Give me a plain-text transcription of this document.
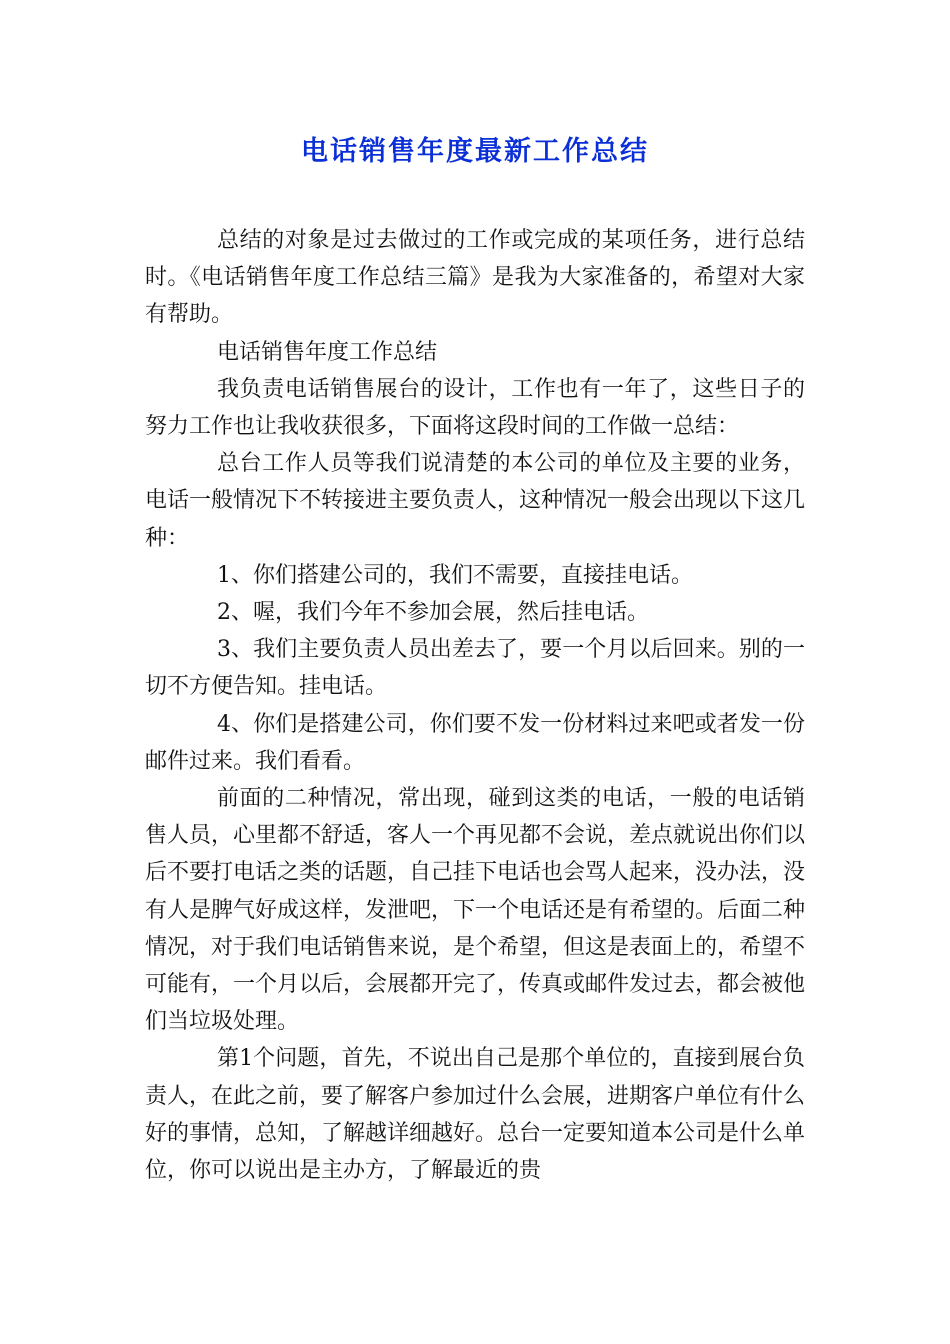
电话销售年度最新工作总结

总结的对象是过去做过的工作或完成的某项任务，进行总结时。《电话销售年度工作总结三篇》是我为大家准备的，希望对大家有帮助。

电话销售年度工作总结

我负责电话销售展台的设计，工作也有一年了，这些日子的努力工作也让我收获很多，下面将这段时间的工作做一总结：

总台工作人员等我们说清楚的本公司的单位及主要的业务，电话一般情况下不转接进主要负责人，这种情况一般会出现以下这几种：

1、你们搭建公司的，我们不需要，直接挂电话。

2、喔，我们今年不参加会展，然后挂电话。

3、我们主要负责人员出差去了，要一个月以后回来。别的一切不方便告知。挂电话。

4、你们是搭建公司，你们要不发一份材料过来吧或者发一份邮件过来。我们看看。

前面的二种情况，常出现，碰到这类的电话，一般的电话销售人员，心里都不舒适，客人一个再见都不会说，差点就说出你们以后不要打电话之类的话题，自己挂下电话也会骂人起来，没办法，没有人是脾气好成这样，发泄吧，下一个电话还是有希望的。后面二种情况，对于我们电话销售来说，是个希望，但这是表面上的，希望不可能有，一个月以后，会展都开完了，传真或邮件发过去，都会被他们当垃圾处理。

第1个问题，首先，不说出自己是那个单位的，直接到展台负责人，在此之前，要了解客户参加过什么会展，进期客户单位有什么好的事情，总知，了解越详细越好。总台一定要知道本公司是什么单位，你可以说出是主办方，了解最近的贵
